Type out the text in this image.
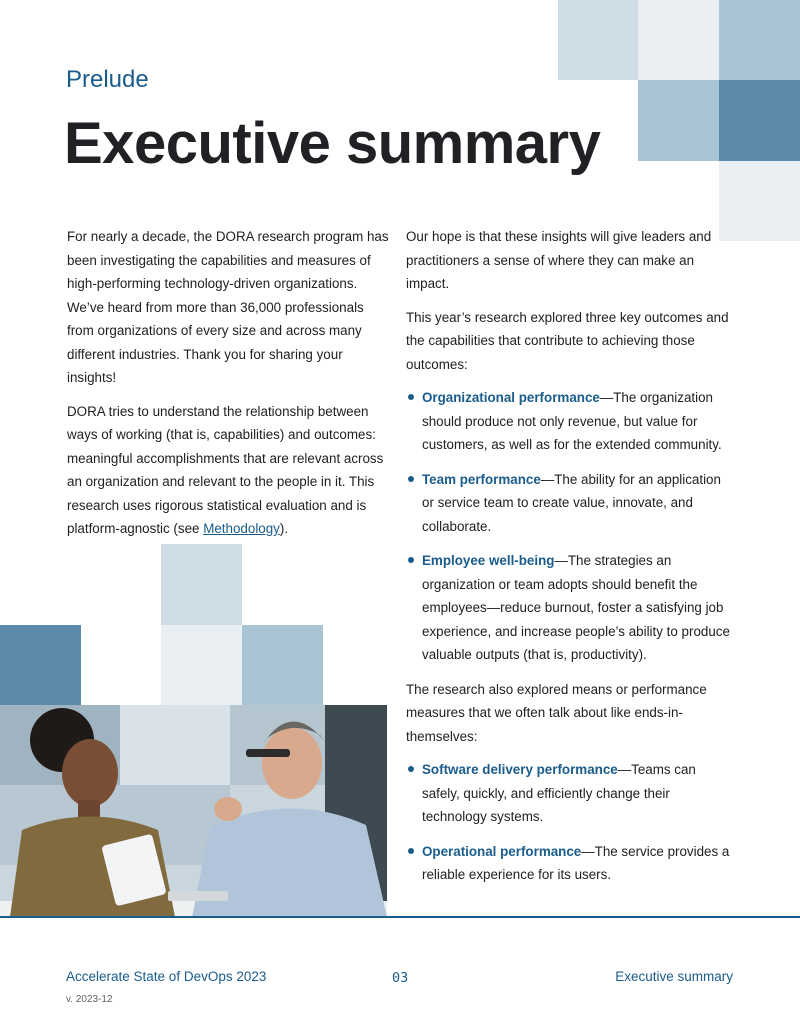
Prelude
Executive summary

For nearly a decade, the DORA research program has been investigating the capabilities and measures of high-performing technology-driven organizations. We’ve heard from more than 36,000 professionals from organizations of every size and across many different industries. Thank you for sharing your insights!

DORA tries to understand the relationship between ways of working (that is, capabilities) and outcomes: meaningful accomplishments that are relevant across an organization and relevant to the people in it. This research uses rigorous statistical evaluation and is platform-agnostic (see Methodology).

Our hope is that these insights will give leaders and practitioners a sense of where they can make an impact.

This year’s research explored three key outcomes and the capabilities that contribute to achieving those outcomes:

Organizational performance—The organization should produce not only revenue, but value for customers, as well as for the extended community.
Team performance—The ability for an application or service team to create value, innovate, and collaborate.
Employee well-being—The strategies an organization or team adopts should benefit the employees—reduce burnout, foster a satisfying job experience, and increase people’s ability to produce valuable outputs (that is, productivity).

The research also explored means or performance measures that we often talk about like ends-in-themselves:

Software delivery performance—Teams can safely, quickly, and efficiently change their technology systems.
Operational performance—The service provides a reliable experience for its users.
Accelerate State of DevOps 2023	03	Executive summary
v. 2023-12
